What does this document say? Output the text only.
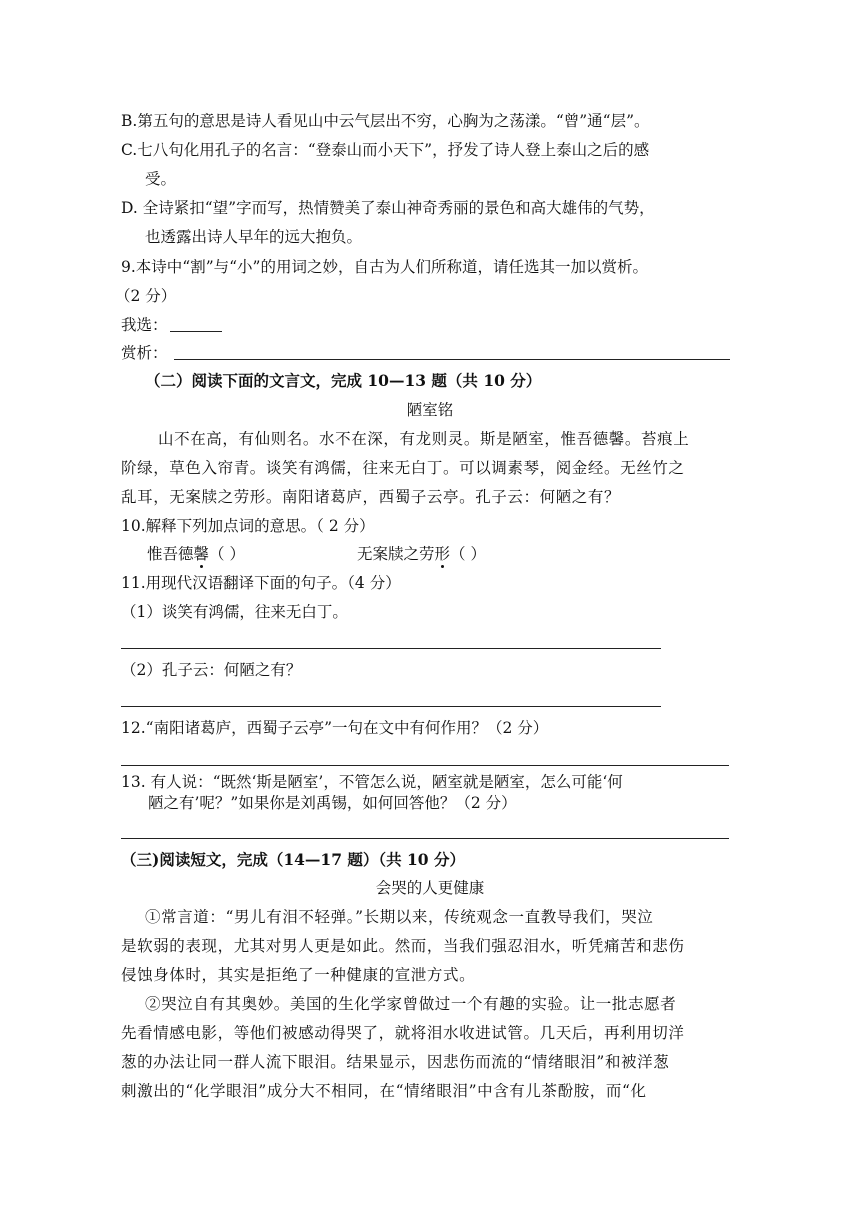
B.第五句的意思是诗人看见山中云气层出不穷，心胸为之荡漾。“曾”通“层”。
C.七八句化用孔子的名言：“登泰山而小天下”，抒发了诗人登上泰山之后的感
受。
D. 全诗紧扣“望”字而写，热情赞美了泰山神奇秀丽的景色和高大雄伟的气势，
也透露出诗人早年的远大抱负。
9.本诗中“割”与“小”的用词之妙，自古为人们所称道，请任选其一加以赏析。
（2 分）
我选：
赏析：
（二）阅读下面的文言文，完成 10—13 题（共 10 分）
陋室铭
山不在高，有仙则名。水不在深，有龙则灵。斯是陋室，惟吾德馨。苔痕上
阶绿，草色入帘青。谈笑有鸿儒，往来无白丁。可以调素琴，阅金经。无丝竹之
乱耳，无案牍之劳形。南阳诸葛庐，西蜀子云亭。孔子云：何陋之有？
10.解释下列加点词的意思。（ 2 分）
惟吾德馨（ ）	无案牍之劳形（ ）
11.用现代汉语翻译下面的句子。（4 分）
（1）谈笑有鸿儒，往来无白丁。
（2）孔子云：何陋之有？
12.“南阳诸葛庐，西蜀子云亭”一句在文中有何作用？（2 分）
13. 有人说：“既然‘斯是陋室’，不管怎么说，陋室就是陋室，怎么可能‘何
陋之有’呢？”如果你是刘禹锡，如何回答他？（2 分）
（三)阅读短文，完成（14—17 题）（共 10 分）
会哭的人更健康
①常言道：“男儿有泪不轻弹。”长期以来，传统观念一直教导我们，哭泣
是软弱的表现，尤其对男人更是如此。然而，当我们强忍泪水，听凭痛苦和悲伤
侵蚀身体时，其实是拒绝了一种健康的宣泄方式。
②哭泣自有其奥妙。美国的生化学家曾做过一个有趣的实验。让一批志愿者
先看情感电影，等他们被感动得哭了，就将泪水收进试管。几天后，再利用切洋
葱的办法让同一群人流下眼泪。结果显示，因悲伤而流的“情绪眼泪”和被洋葱
刺激出的“化学眼泪”成分大不相同，在“情绪眼泪”中含有儿茶酚胺，而“化
